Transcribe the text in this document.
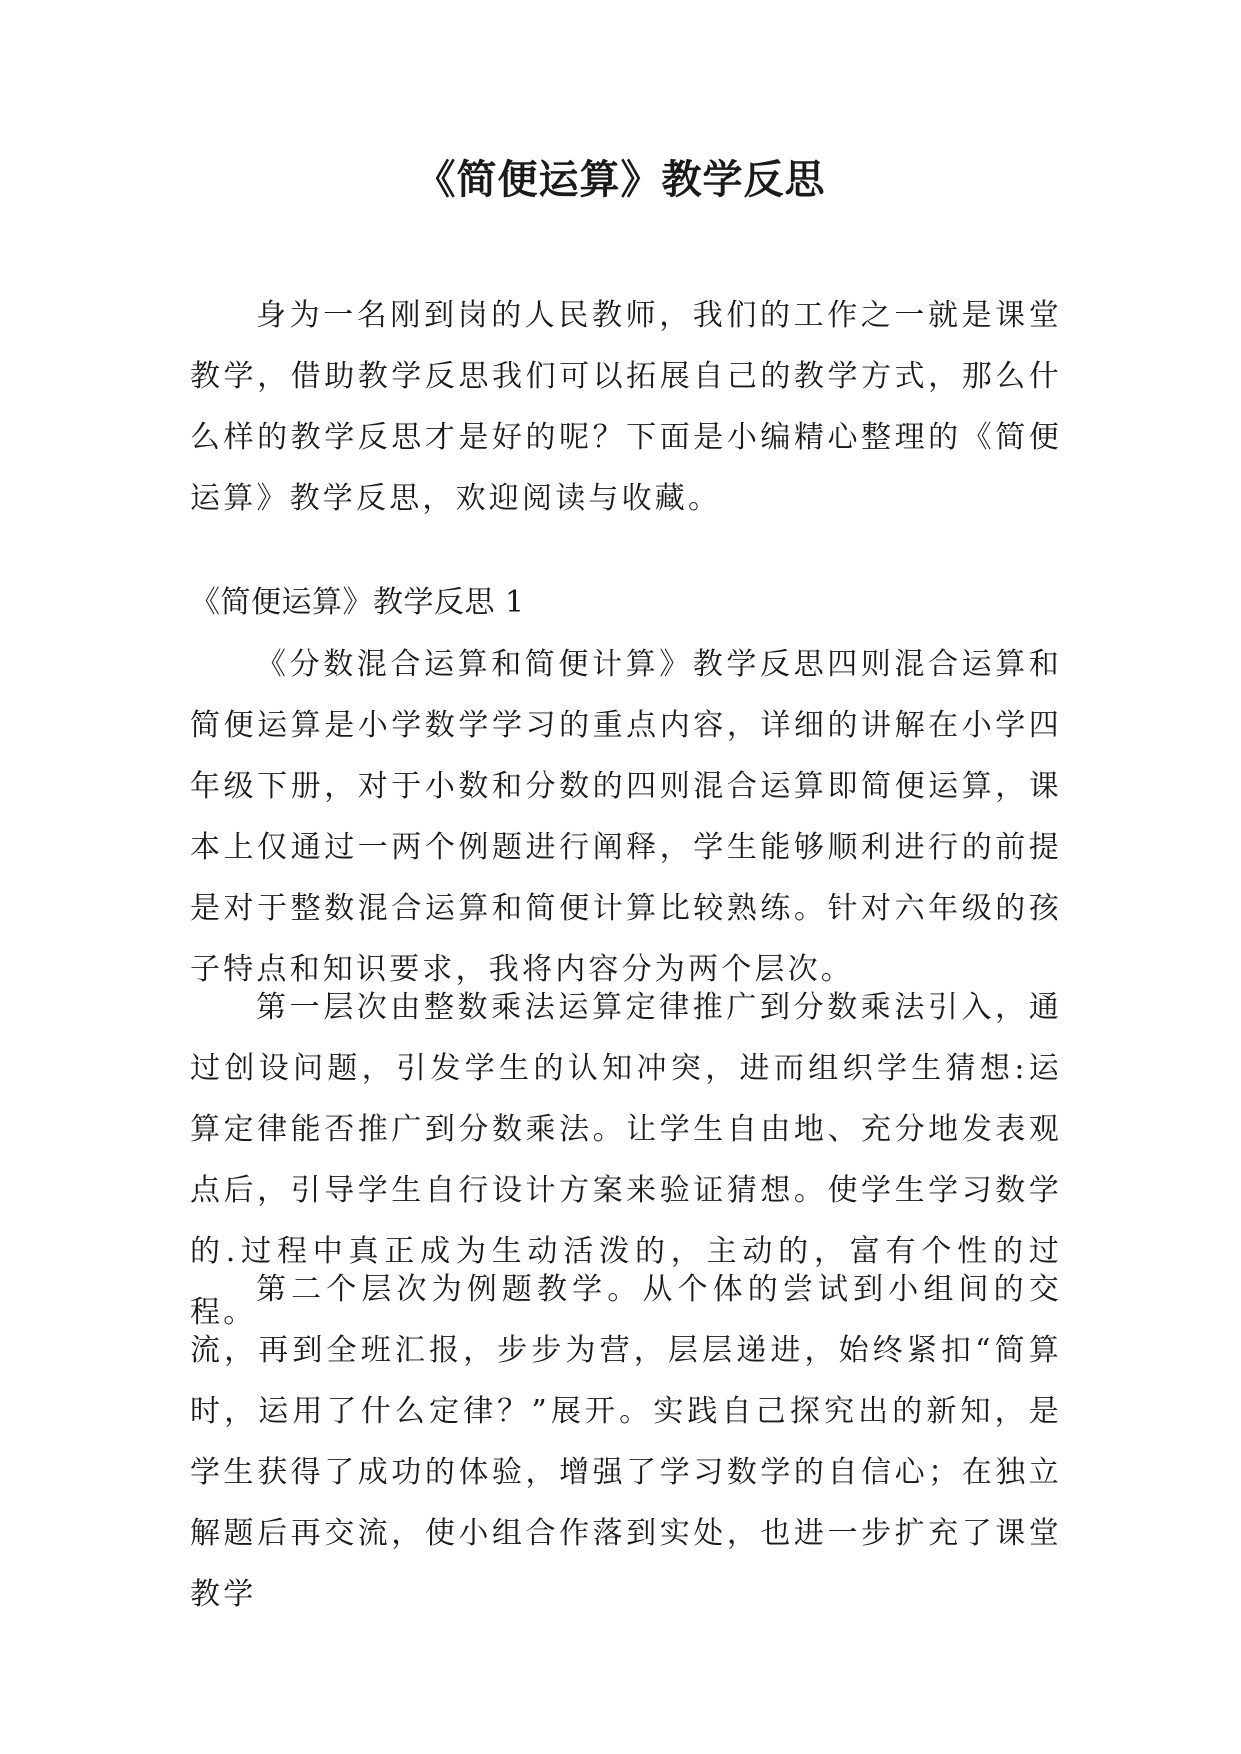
《简便运算》教学反思

身为一名刚到岗的人民教师，我们的工作之一就是课堂教学，借助教学反思我们可以拓展自己的教学方式，那么什么样的教学反思才是好的呢？下面是小编精心整理的《简便运算》教学反思，欢迎阅读与收藏。

《简便运算》教学反思 1

《分数混合运算和简便计算》教学反思四则混合运算和简便运算是小学数学学习的重点内容，详细的讲解在小学四年级下册，对于小数和分数的四则混合运算即简便运算，课本上仅通过一两个例题进行阐释，学生能够顺利进行的前提是对于整数混合运算和简便计算比较熟练。针对六年级的孩子特点和知识要求，我将内容分为两个层次。

第一层次由整数乘法运算定律推广到分数乘法引入，通过创设问题，引发学生的认知冲突，进而组织学生猜想:运算定律能否推广到分数乘法。让学生自由地、充分地发表观点后，引导学生自行设计方案来验证猜想。使学生学习数学的.过程中真正成为生动活泼的，主动的，富有个性的过程。

第二个层次为例题教学。从个体的尝试到小组间的交流，再到全班汇报，步步为营，层层递进，始终紧扣“简算时，运用了什么定律？”展开。实践自己探究出的新知，是学生获得了成功的体验，增强了学习数学的自信心；在独立解题后再交流，使小组合作落到实处，也进一步扩充了课堂教学
